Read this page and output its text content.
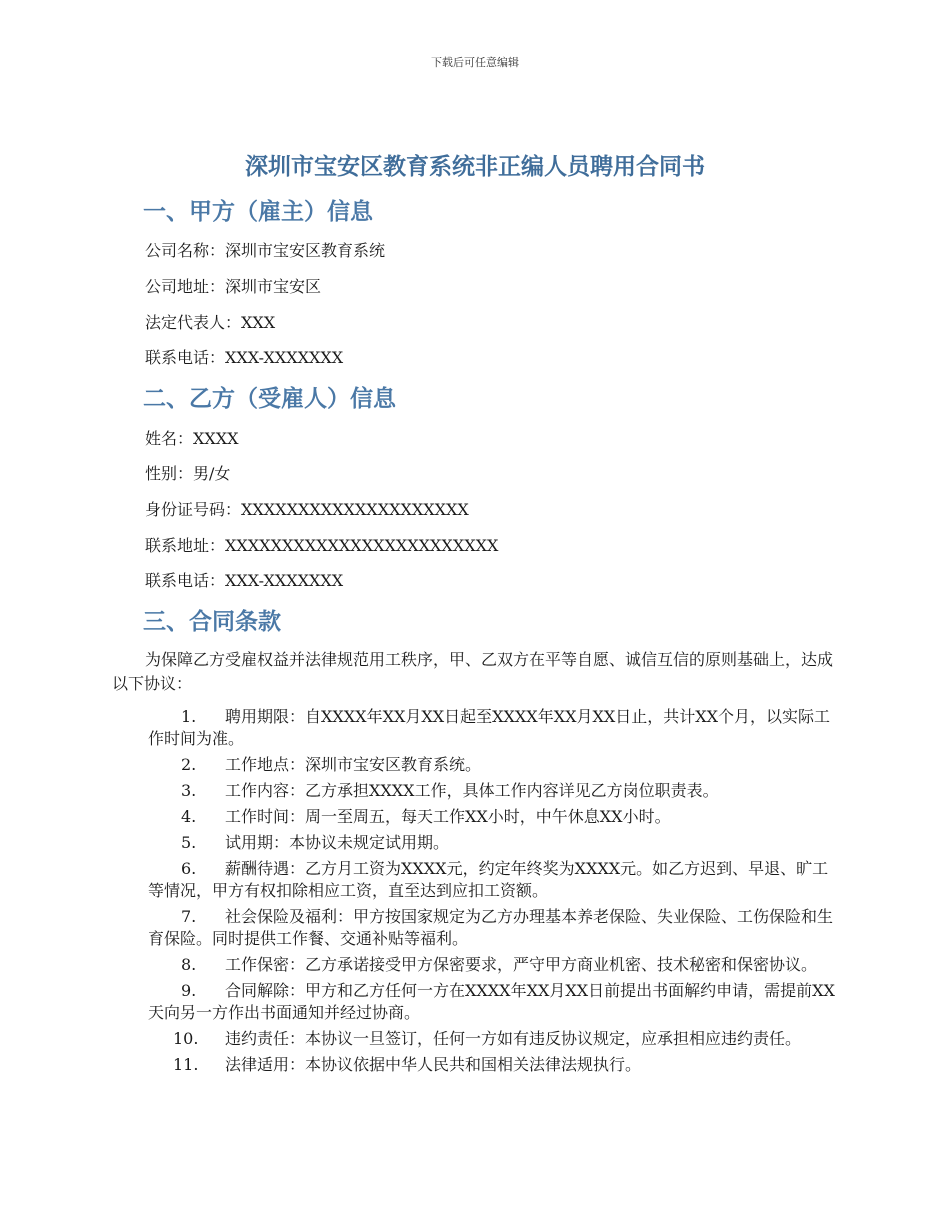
下载后可任意编辑
深圳市宝安区教育系统非正编人员聘用合同书
一、甲方（雇主）信息

公司名称：深圳市宝安区教育系统

公司地址：深圳市宝安区

法定代表人：XXX

联系电话：XXX-XXXXXXX

二、乙方（受雇人）信息

姓名：XXXX

性别：男/女

身份证号码：XXXXXXXXXXXXXXXXXXXX

联系地址：XXXXXXXXXXXXXXXXXXXXXXXX

联系电话：XXX-XXXXXXX

三、合同条款

为保障乙方受雇权益并法律规范用工秩序，甲、乙双方在平等自愿、诚信互信的原则基础上，达成以下协议：

1. 聘用期限：自XXXX年XX月XX日起至XXXX年XX月XX日止，共计XX个月，以实际工作时间为准。
2. 工作地点：深圳市宝安区教育系统。
3. 工作内容：乙方承担XXXX工作，具体工作内容详见乙方岗位职责表。
4. 工作时间：周一至周五，每天工作XX小时，中午休息XX小时。
5. 试用期：本协议未规定试用期。
6. 薪酬待遇：乙方月工资为XXXX元，约定年终奖为XXXX元。如乙方迟到、早退、旷工等情况，甲方有权扣除相应工资，直至达到应扣工资额。
7. 社会保险及福利：甲方按国家规定为乙方办理基本养老保险、失业保险、工伤保险和生育保险。同时提供工作餐、交通补贴等福利。
8. 工作保密：乙方承诺接受甲方保密要求，严守甲方商业机密、技术秘密和保密协议。
9. 合同解除：甲方和乙方任何一方在XXXX年XX月XX日前提出书面解约申请，需提前XX天向另一方作出书面通知并经过协商。
10. 违约责任：本协议一旦签订，任何一方如有违反协议规定，应承担相应违约责任。
11. 法律适用：本协议依据中华人民共和国相关法律法规执行。
